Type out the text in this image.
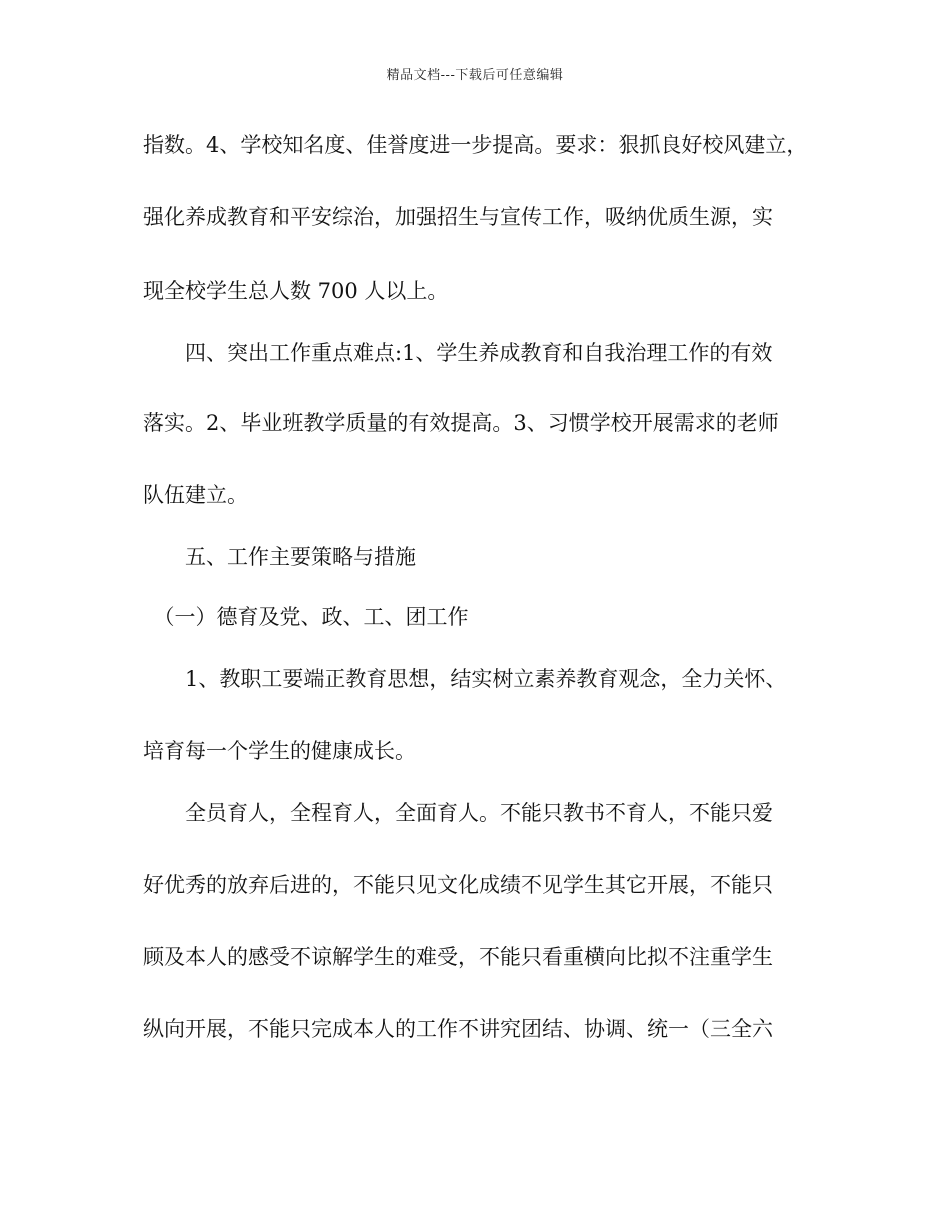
精品文档---下载后可任意编辑
指数。4、学校知名度、佳誉度进一步提高。要求：狠抓良好校风建立，
强化养成教育和平安综治，加强招生与宣传工作，吸纳优质生源，实
现全校学生总人数 700 人以上。
　　四、突出工作重点难点:1、学生养成教育和自我治理工作的有效
落实。2、毕业班教学质量的有效提高。3、习惯学校开展需求的老师
队伍建立。
　　五、工作主要策略与措施
　（一）德育及党、政、工、团工作
　　1、教职工要端正教育思想，结实树立素养教育观念，全力关怀、
培育每一个学生的健康成长。
　　全员育人，全程育人，全面育人。不能只教书不育人，不能只爱
好优秀的放弃后进的，不能只见文化成绩不见学生其它开展，不能只
顾及本人的感受不谅解学生的难受，不能只看重横向比拟不注重学生
纵向开展，不能只完成本人的工作不讲究团结、协调、统一（三全六
